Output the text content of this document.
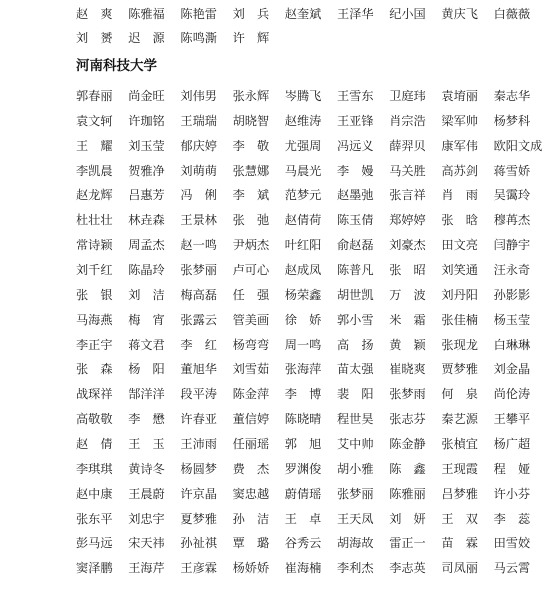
赵　爽	陈雅福	陈艳雷	刘　兵	赵奎斌	王泽华	纪小国	黄庆飞	白薇薇
刘　赟	迟　源	陈鸣澌	许　辉
河南科技大学
郭春丽	尚金旺	刘伟男	张永辉	岑腾飞	王雪东	卫庭玮	袁堉丽	秦志华
袁文轲	许珈铭	王瑞瑞	胡晓智	赵维涛	王亚锋	肖宗浩	梁军帅	杨梦科
王　耀	刘玉莹	郁庆婷	李　敬	尤强周	冯远义	薛羿贝	康军伟	欧阳文成
李凯晨	贺雅净	刘萌萌	张慧娜	马晨光	李　嫚	马关胜	高苏剑	蒋雪娇
赵龙辉	吕惠芳	冯　俐	李　斌	范梦元	赵墨弛	张言祥	肖　雨	吴霭玲
杜壮壮	林垚森	王景林	张　弛	赵倩荷	陈玉倩	郑婷婷	张　晗	穆苒杰
常诗颖	周孟杰	赵一鸣	尹炳杰	叶红阳	俞赵磊	刘豪杰	田文亮	闫静宇
刘千红	陈晶玲	张梦丽	卢可心	赵成凤	陈普凡	张　昭	刘笑通	汪永奇
张　银	刘　洁	梅高磊	任　强	杨荣鑫	胡世凯	万　波	刘丹阳	孙影影
马海燕	梅　宵	张露云	管美画	徐　娇	郭小雪	米　霜	张佳楠	杨玉莹
李正宇	蒋文君	李　红	杨弯弯	周一鸣	高　扬	黄　颖	张现龙	白琳琳
张　森	杨　阳	董旭华	刘雪茹	张海萍	苗太强	崔晓爽	贾梦雅	刘金晶
战琛祥	郜洋洋	段平涛	陈金萍	李　博	裴　阳	张梦雨	何　泉	尚伦涛
高敬敬	李　懋	许春亚	董信婷	陈晓晴	程世昊	张志芬	秦艺源	王攀平
赵　倩	王　玉	王沛雨	任丽瑶	郭　旭	艾中帅	陈金静	张楨宜	杨广超
李琪琪	黄诗冬	杨圆梦	费　杰	罗渊俊	胡小雅	陈　鑫	王现霞	程　娅
赵中康	王晨蔚	许京晶	窦忠越	蔚倩瑶	张梦丽	陈雅丽	吕梦雅	许小芬
张东平	刘忠宇	夏梦雅	孙　洁	王　卓	王天凤	刘　妍	王　双	李　蕊
彭马远	宋天祎	孙祉祺	覃　璐	谷秀云	胡海故	雷正一	苗　霖	田雪姣
窦泽鹏	王海芹	王彦霖	杨娇娇	崔海楠	李利杰	李志英	司凤丽	马云霄
